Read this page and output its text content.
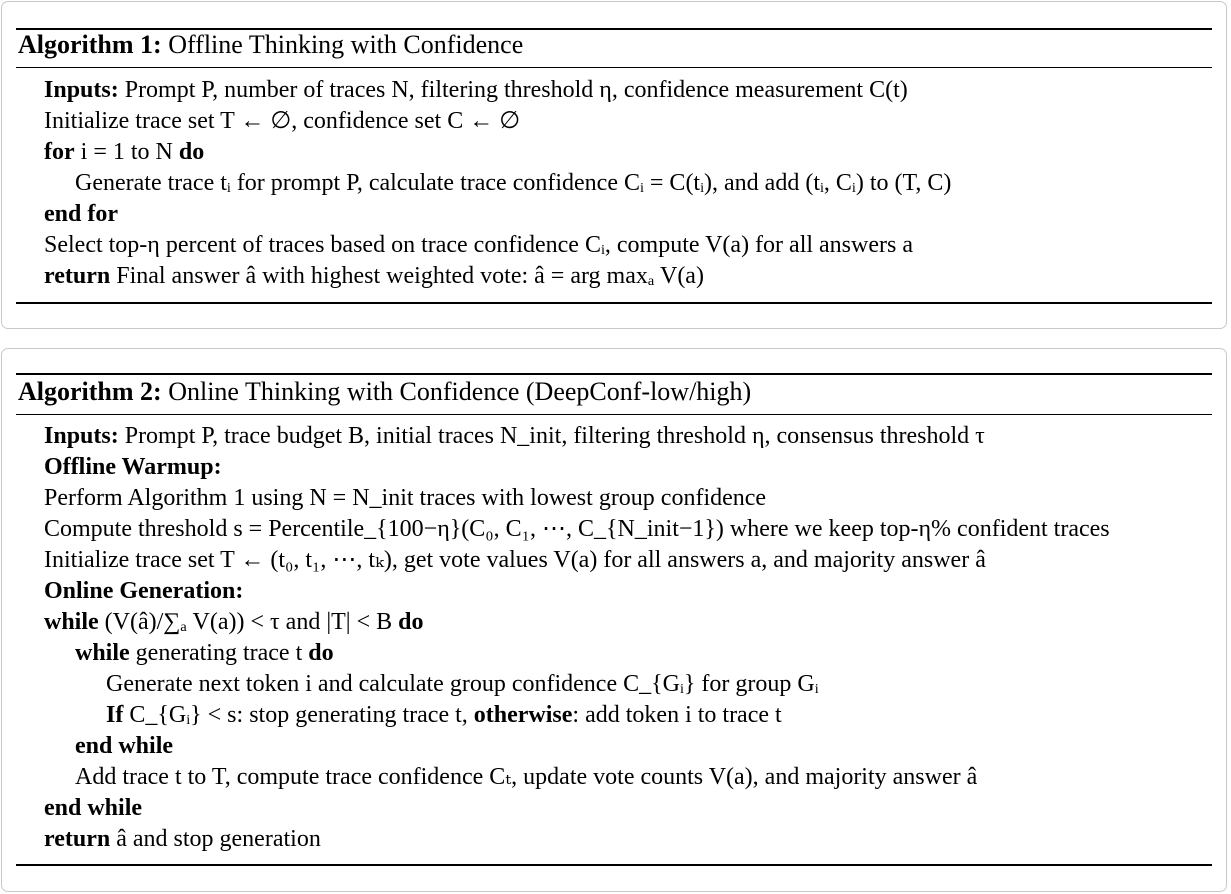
Algorithm 1: Offline Thinking with Confidence
Inputs: Prompt P, number of traces N, filtering threshold η, confidence measurement C(t)
Initialize trace set T ← ∅, confidence set C ← ∅
for i = 1 to N do
Generate trace tᵢ for prompt P, calculate trace confidence Cᵢ = C(tᵢ), and add (tᵢ, Cᵢ) to (T, C)
end for
Select top-η percent of traces based on trace confidence Cᵢ, compute V(a) for all answers a
return Final answer â with highest weighted vote: â = arg maxₐ V(a)
Algorithm 2: Online Thinking with Confidence (DeepConf-low/high)
Inputs: Prompt P, trace budget B, initial traces N_init, filtering threshold η, consensus threshold τ
Offline Warmup:
Perform Algorithm 1 using N = N_init traces with lowest group confidence
Compute threshold s = Percentile_{100−η}(C₀, C₁, ⋯, C_{N_init−1}) where we keep top-η% confident traces
Initialize trace set T ← (t₀, t₁, ⋯, tₖ), get vote values V(a) for all answers a, and majority answer â
Online Generation:
while (V(â)/∑ₐ V(a)) < τ and |T| < B do
while generating trace t do
Generate next token i and calculate group confidence C_{Gᵢ} for group Gᵢ
If C_{Gᵢ} < s: stop generating trace t, otherwise: add token i to trace t
end while
Add trace t to T, compute trace confidence Cₜ, update vote counts V(a), and majority answer â
end while
return â and stop generation
